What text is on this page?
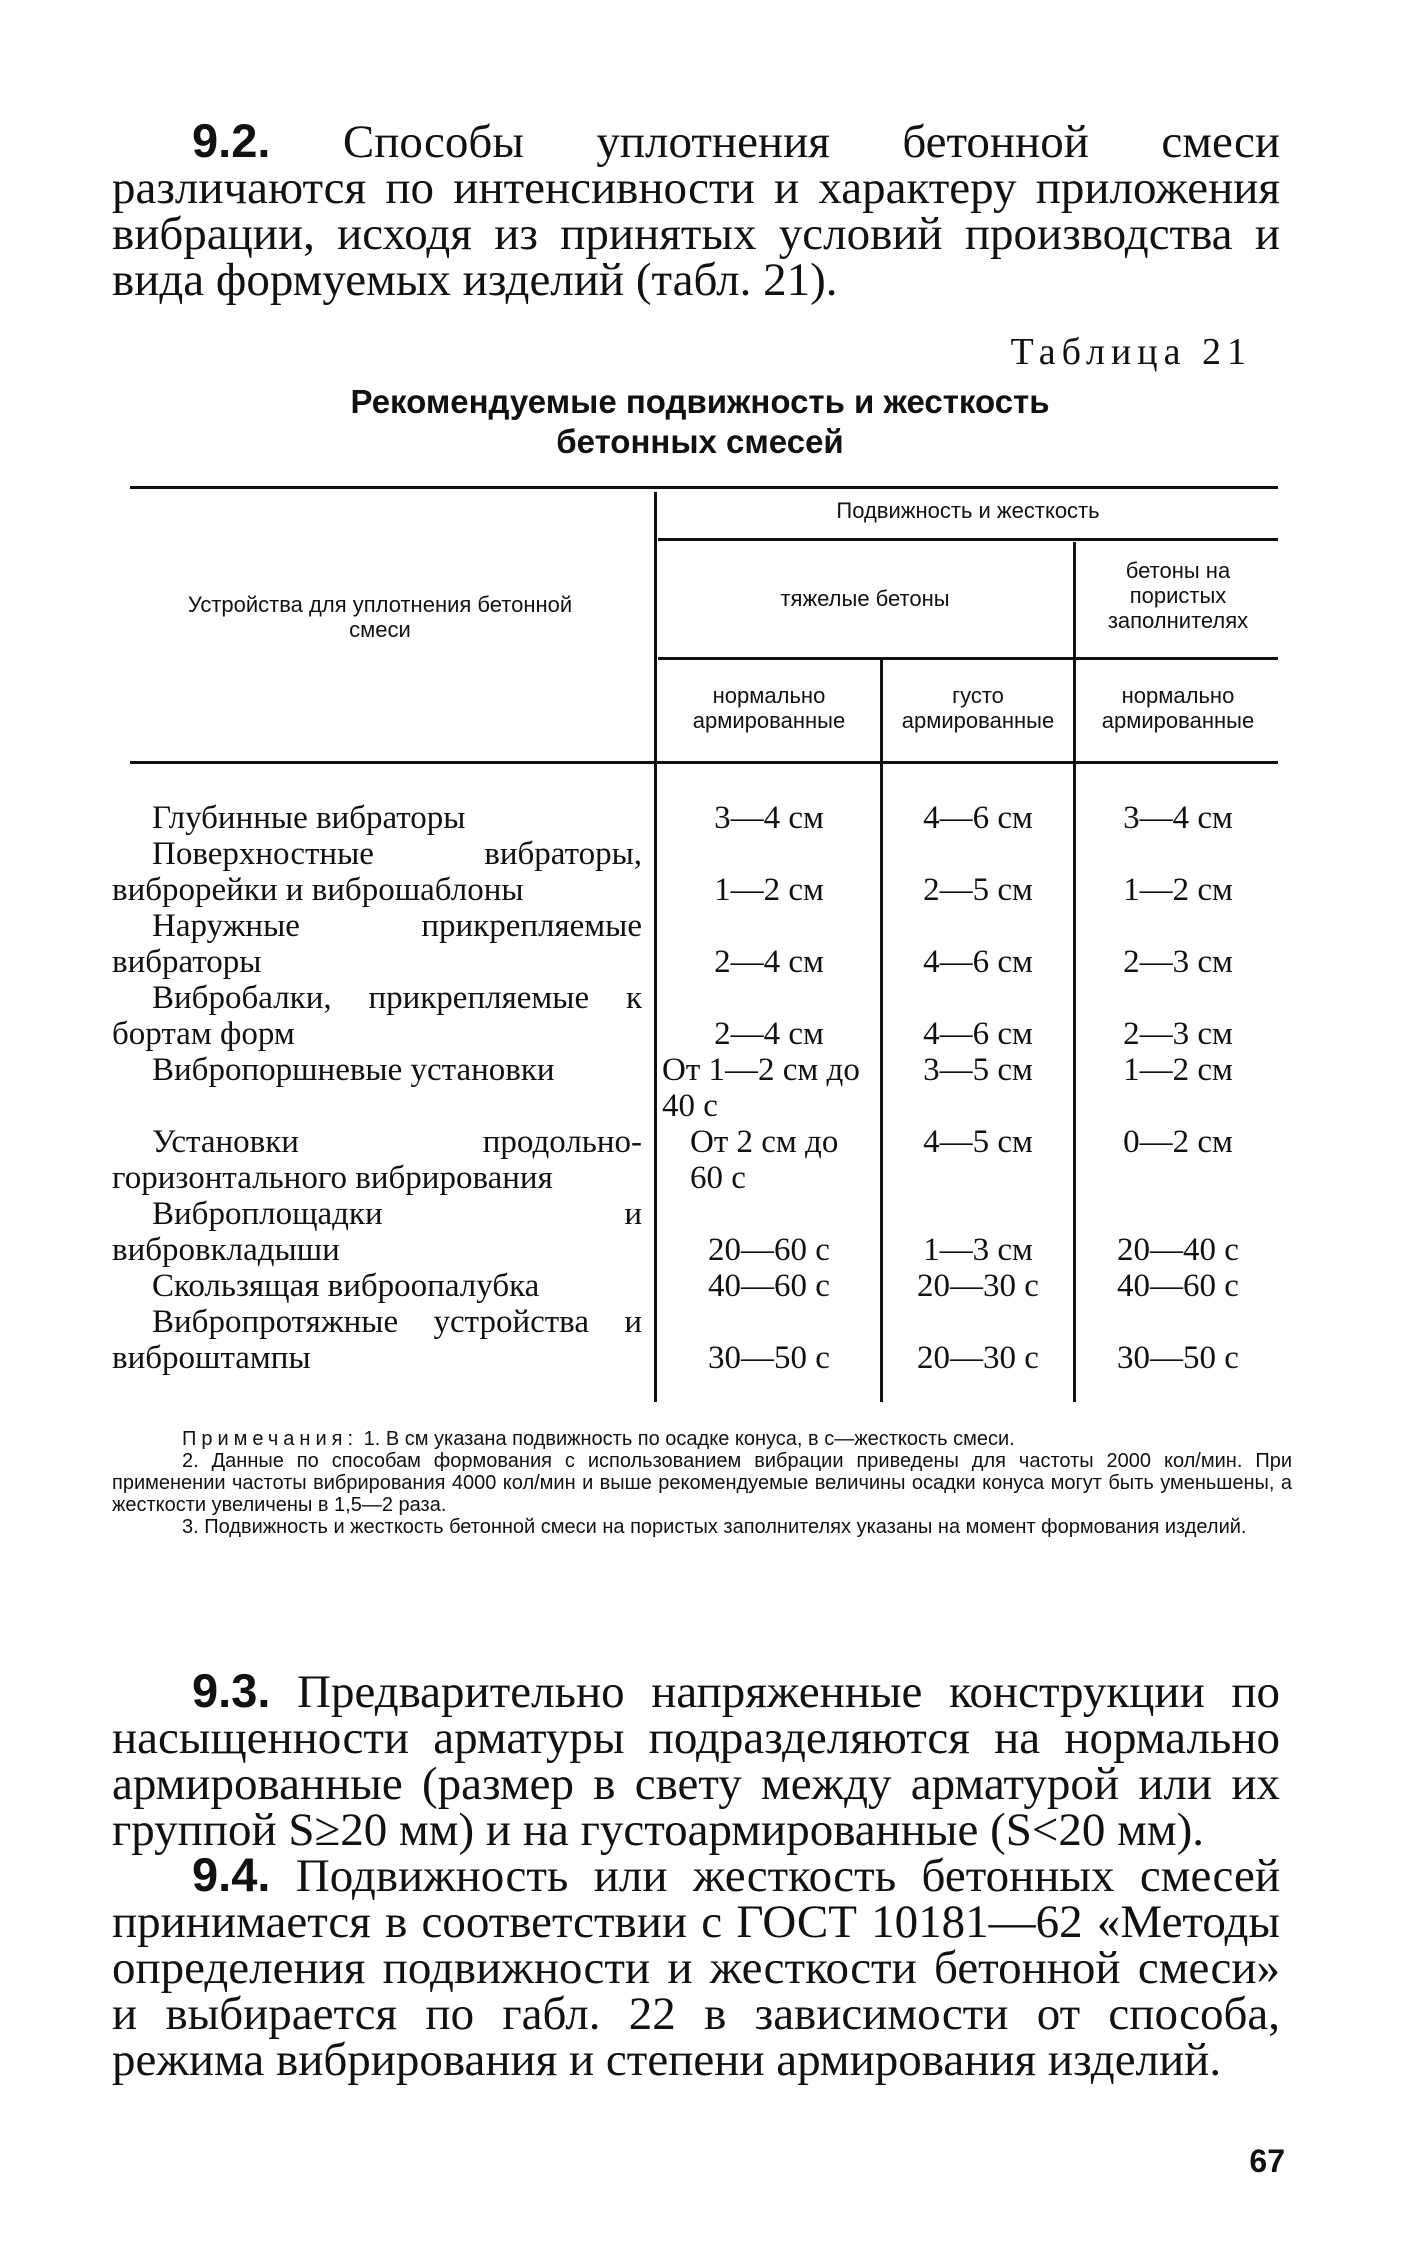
9.2. Способы уплотнения бетонной смеси различаются по интенсивности и характеру приложения вибрации, исходя из принятых условий производства и вида формуемых изделий (табл. 21).
Таблица 21
Рекомендуемые подвижность и жесткость
бетонных смесей
Устройства для уплотнения бетонной смеси
Подвижность и жесткость
тяжелые бетоны
бетоны на пористых заполнителях
нормально армированные
густо армированные
нормально армированные
Глубинные вибраторы
Поверхностные вибраторы, виброрейки и виброшаблоны
Наружные прикрепляемые вибраторы
Вибробалки, прикрепляемые к бортам форм
Вибропоршневые установки
Установки продольно-горизонтального вибрирования
Виброплощадки и вибровкладыши
Скользящая виброопалубка
Вибропротяжные устройства и виброштампы
3—4 см
1—2 см
2—4 см
2—4 см
От 1—2 см до 40 с
От 2 см до 60 с
20—60 с
40—60 с
30—50 с
4—6 см
2—5 см
4—6 см
4—6 см
3—5 см
4—5 см
1—3 см
20—30 с
20—30 с
3—4 см
1—2 см
2—3 см
2—3 см
1—2 см
0—2 см
20—40 с
40—60 с
30—50 с

Примечания: 1. В см указана подвижность по осадке конуса, в с—жесткость смеси.

2. Данные по способам формования с использованием вибрации приведены для частоты 2000 кол/мин. При применении частоты вибрирования 4000 кол/мин и выше рекомендуемые величины осадки конуса могут быть уменьшены, а жесткости увеличены в 1,5—2 раза.

3. Подвижность и жесткость бетонной смеси на пористых заполнителях указаны на момент формования изделий.

9.3. Предварительно напряженные конструкции по насыщенности арматуры подразделяются на нормально армированные (размер в свету между арматурой или их группой S≥20 мм) и на густоармированные (S<20 мм).
9.4. Подвижность или жесткость бетонных смесей принимается в соответствии с ГОСТ 10181—62 «Методы определения подвижности и жесткости бетонной смеси» и выбирается по габл. 22 в зависимости от способа, режима вибрирования и степени армирования изделий.
67
